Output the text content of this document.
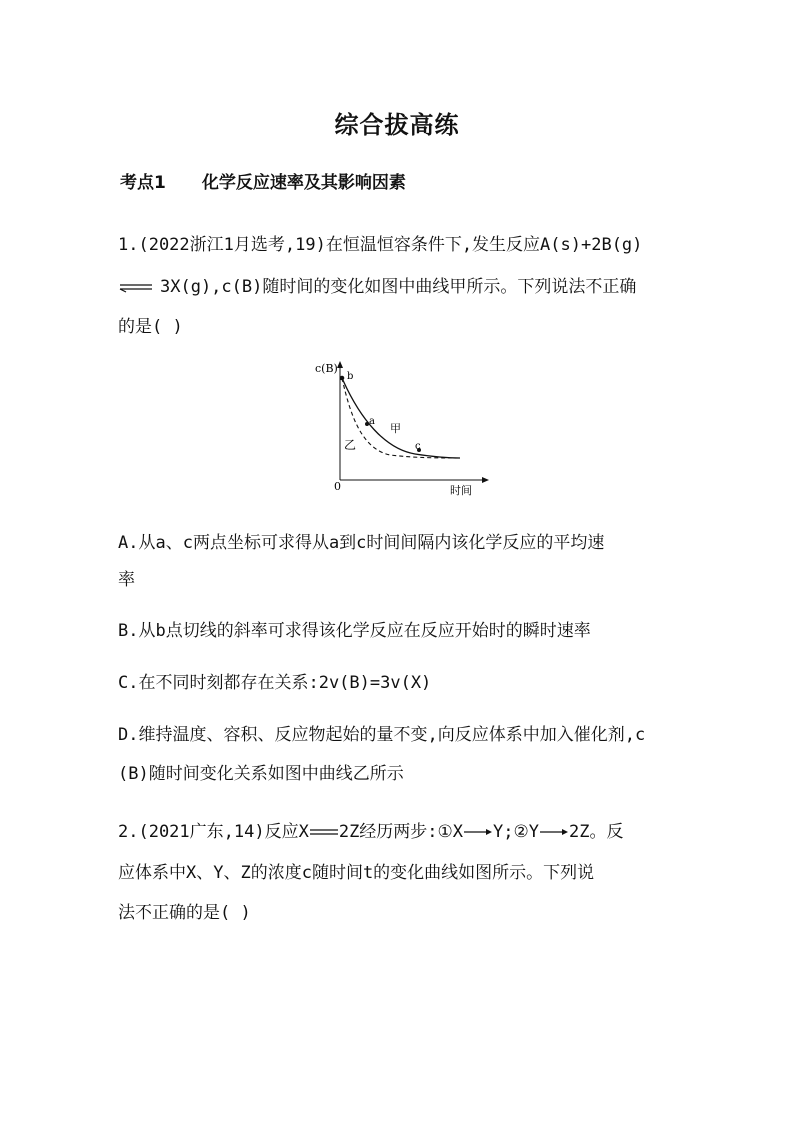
综合拔高练
考点1 化学反应速率及其影响因素
1.(2022浙江1月选考,19)在恒温恒容条件下,发生反应A(s)+2B(g)
3X(g),c(B)随时间的变化如图中曲线甲所示。下列说法不正确
的是( )
c(B)
b
a
c
甲
乙
0	时间
A.从a、c两点坐标可求得从a到c时间间隔内该化学反应的平均速
率
B.从b点切线的斜率可求得该化学反应在反应开始时的瞬时速率
C.在不同时刻都存在关系:2v(B)=3v(X)
D.维持温度、容积、反应物起始的量不变,向反应体系中加入催化剂,c
(B)随时间变化关系如图中曲线乙所示
2.(2021广东,14)反应X 2Z经历两步:①X Y;②Y 2Z。反
应体系中X、Y、Z的浓度c随时间t的变化曲线如图所示。下列说
法不正确的是( )
